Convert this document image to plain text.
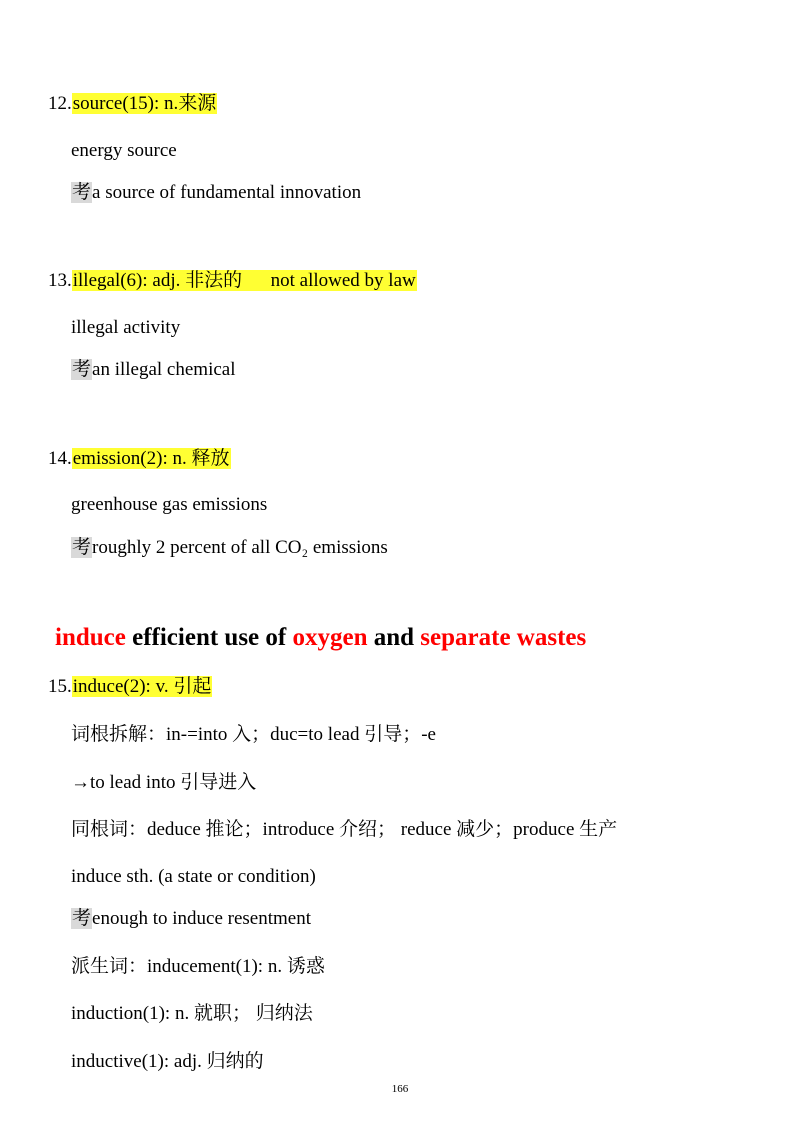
12.source(15): n.来源
energy source
考a source of fundamental innovation
13.illegal(6): adj. 非法的      not allowed by law
illegal activity
考an illegal chemical
14.emission(2): n. 释放
greenhouse gas emissions
考roughly 2 percent of all CO₂ emissions
induce efficient use of oxygen and separate wastes
15.induce(2): v. 引起
词根拆解：in-=into 入；duc=to lead 引导；-e
→to lead into 引导进入
同根词：deduce 推论；introduce 介绍； reduce 减少；produce 生产
induce sth. (a state or condition)
考enough to induce resentment
派生词：inducement(1): n. 诱惑
induction(1): n. 就职； 归纳法
inductive(1): adj. 归纳的
166
